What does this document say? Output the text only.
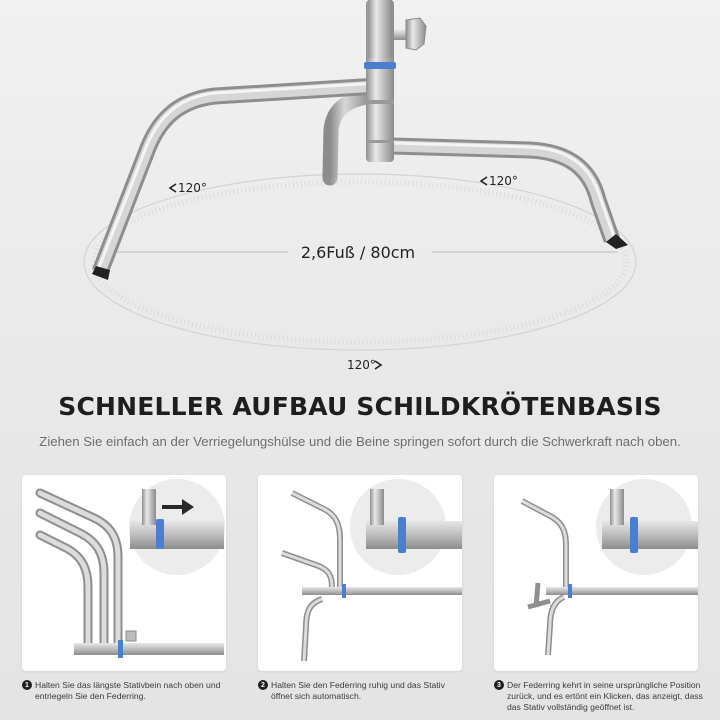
2,6Fuß / 80cm
120°	120°
120°
SCHNELLER AUFBAU SCHILDKRÖTENBASIS
Ziehen Sie einfach an der Verriegelungshülse und die Beine springen sofort durch die Schwerkraft nach oben.
1 Halten Sie das längste Stativbein nach oben und entriegeln Sie den Federring.
2 Halten Sie den Federring ruhig und das Stativ öffnet sich automatisch.
3 Der Federring kehrt in seine ursprüngliche Position zurück, und es ertönt ein Klicken, das anzeigt, dass das Stativ vollständig geöffnet ist.
